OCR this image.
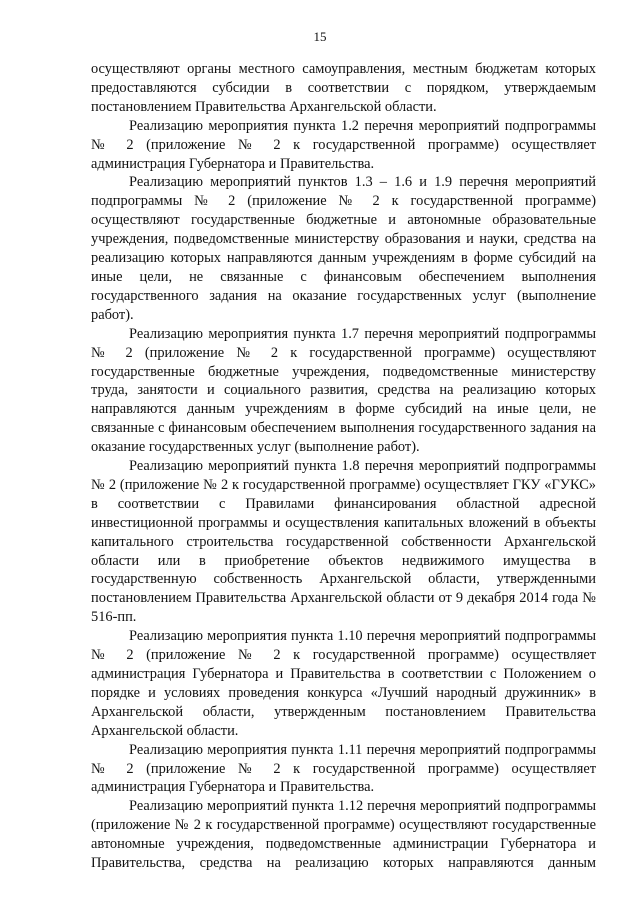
15

осуществляют органы местного самоуправления, местным бюджетам которых предоставляются субсидии в соответствии с порядком, утверждаемым постановлением Правительства Архангельской области.

Реализацию мероприятия пункта 1.2 перечня мероприятий подпрограммы № 2 (приложение № 2 к государственной программе) осуществляет администрация Губернатора и Правительства.

Реализацию мероприятий пунктов 1.3 – 1.6 и 1.9 перечня мероприятий подпрограммы № 2 (приложение № 2 к государственной программе) осуществляют государственные бюджетные и автономные образовательные учреждения, подведомственные министерству образования и науки, средства на реализацию которых направляются данным учреждениям в форме субсидий на иные цели, не связанные с финансовым обеспечением выполнения государственного задания на оказание государственных услуг (выполнение работ).

Реализацию мероприятия пункта 1.7 перечня мероприятий подпрограммы № 2 (приложение № 2 к государственной программе) осуществляют государственные бюджетные учреждения, подведомственные министерству труда, занятости и социального развития, средства на реализацию которых направляются данным учреждениям в форме субсидий на иные цели, не связанные с финансовым обеспечением выполнения государственного задания на оказание государственных услуг (выполнение работ).

Реализацию мероприятий пункта 1.8 перечня мероприятий подпрограммы № 2 (приложение № 2 к государственной программе) осуществляет ГКУ «ГУКС» в соответствии с Правилами финансирования областной адресной инвестиционной программы и осуществления капитальных вложений в объекты капитального строительства государственной собственности Архангельской области или в приобретение объектов недвижимого имущества в государственную собственность Архангельской области, утвержденными постановлением Правительства Архангельской области от 9 декабря 2014 года № 516-пп.

Реализацию мероприятия пункта 1.10 перечня мероприятий подпрограммы № 2 (приложение № 2 к государственной программе) осуществляет администрация Губернатора и Правительства в соответствии с Положением о порядке и условиях проведения конкурса «Лучший народный дружинник» в Архангельской области, утвержденным постановлением Правительства Архангельской области.

Реализацию мероприятия пункта 1.11 перечня мероприятий подпрограммы № 2 (приложение № 2 к государственной программе) осуществляет администрация Губернатора и Правительства.

Реализацию мероприятий пункта 1.12 перечня мероприятий подпрограммы (приложение № 2 к государственной программе) осуществляют государственные автономные учреждения, подведомственные администрации Губернатора и Правительства, средства на реализацию которых направляются данным
